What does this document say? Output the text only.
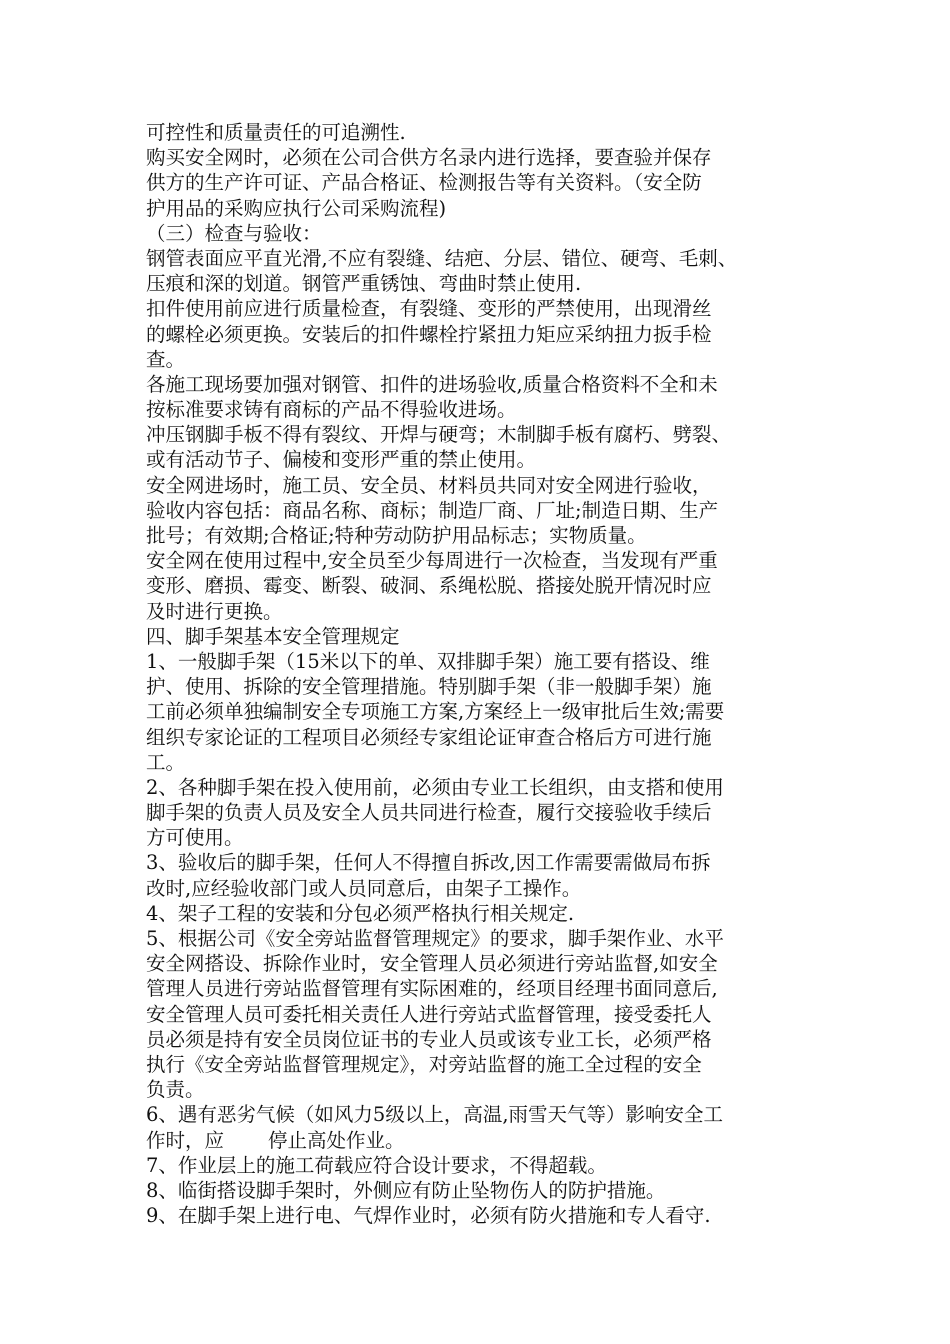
可控性和质量责任的可追溯性.
购买安全网时，必须在公司合供方名录内进行选择，要查验并保存
供方的生产许可证、产品合格证、检测报告等有关资料。（安全防
护用品的采购应执行公司采购流程)
（三）检查与验收：
钢管表面应平直光滑,不应有裂缝、结疤、分层、错位、硬弯、毛刺、
压痕和深的划道。钢管严重锈蚀、弯曲时禁止使用.
扣件使用前应进行质量检查，有裂缝、变形的严禁使用，出现滑丝
的螺栓必须更换。安装后的扣件螺栓拧紧扭力矩应采纳扭力扳手检
查。
各施工现场要加强对钢管、扣件的进场验收,质量合格资料不全和未
按标准要求铸有商标的产品不得验收进场。
冲压钢脚手板不得有裂纹、开焊与硬弯；木制脚手板有腐朽、劈裂、
或有活动节子、偏棱和变形严重的禁止使用。
安全网进场时，施工员、安全员、材料员共同对安全网进行验收，
验收内容包括：商品名称、商标；制造厂商、厂址;制造日期、生产
批号；有效期;合格证;特种劳动防护用品标志；实物质量。
安全网在使用过程中,安全员至少每周进行一次检查，当发现有严重
变形、磨损、霉变、断裂、破洞、系绳松脱、搭接处脱开情况时应
及时进行更换。
四、脚手架基本安全管理规定
1、一般脚手架（15米以下的单、双排脚手架）施工要有搭设、维
护、使用、拆除的安全管理措施。特别脚手架（非一般脚手架）施
工前必须单独编制安全专项施工方案,方案经上一级审批后生效;需要
组织专家论证的工程项目必须经专家组论证审查合格后方可进行施
工。
2、各种脚手架在投入使用前，必须由专业工长组织，由支搭和使用
脚手架的负责人员及安全人员共同进行检查，履行交接验收手续后
方可使用。
3、验收后的脚手架，任何人不得擅自拆改,因工作需要需做局布拆
改时,应经验收部门或人员同意后，由架子工操作。
4、架子工程的安装和分包必须严格执行相关规定.
5、根据公司《安全旁站监督管理规定》的要求，脚手架作业、水平
安全网搭设、拆除作业时，安全管理人员必须进行旁站监督,如安全
管理人员进行旁站监督管理有实际困难的，经项目经理书面同意后,
安全管理人员可委托相关责任人进行旁站式监督管理，接受委托人
员必须是持有安全员岗位证书的专业人员或该专业工长，必须严格
执行《安全旁站监督管理规定》，对旁站监督的施工全过程的安全
负责。
6、遇有恶劣气候（如风力5级以上，高温,雨雪天气等）影响安全工
作时，应 停止高处作业。
7、作业层上的施工荷载应符合设计要求，不得超载。
8、临街搭设脚手架时，外侧应有防止坠物伤人的防护措施。
9、在脚手架上进行电、气焊作业时，必须有防火措施和专人看守.
